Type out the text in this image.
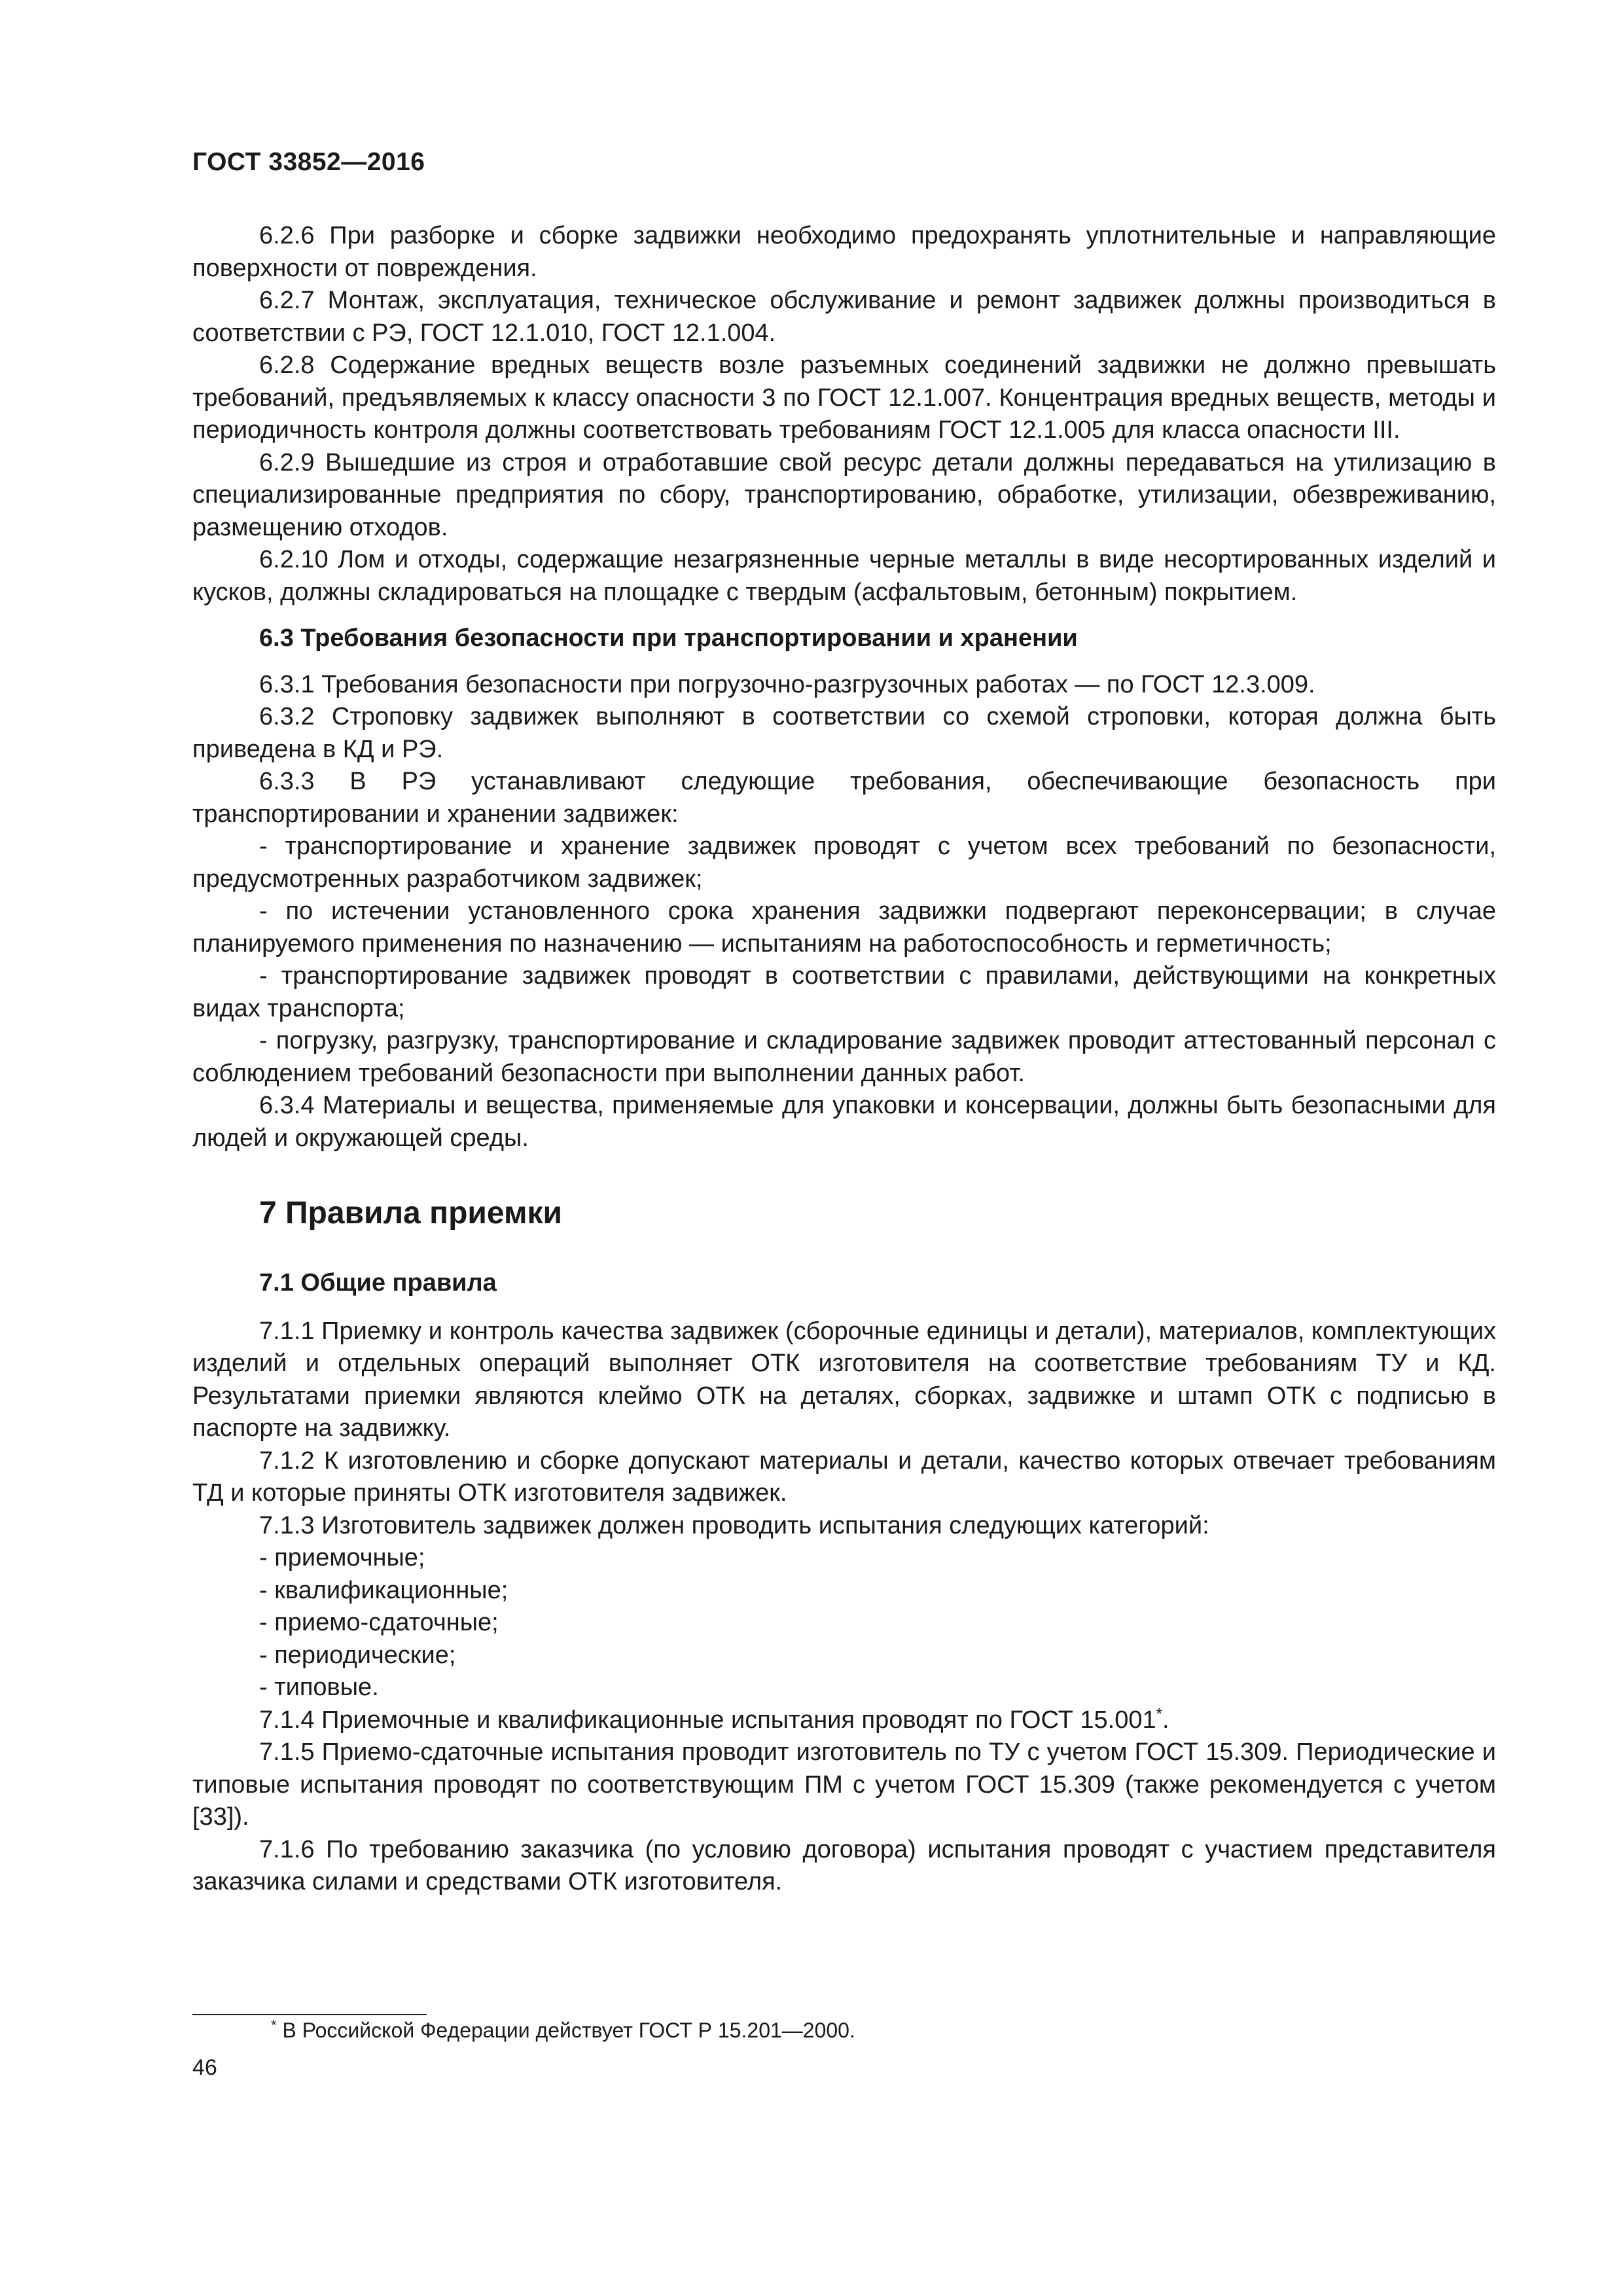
ГОСТ 33852—2016

6.2.6 При разборке и сборке задвижки необходимо предохранять уплотнительные и направляющие поверхности от повреждения.

6.2.7 Монтаж, эксплуатация, техническое обслуживание и ремонт задвижек должны производиться в соответствии с РЭ, ГОСТ 12.1.010, ГОСТ 12.1.004.

6.2.8 Содержание вредных веществ возле разъемных соединений задвижки не должно превышать требований, предъявляемых к классу опасности 3 по ГОСТ 12.1.007. Концентрация вредных веществ, методы и периодичность контроля должны соответствовать требованиям ГОСТ 12.1.005 для класса опасности III.

6.2.9 Вышедшие из строя и отработавшие свой ресурс детали должны передаваться на утилизацию в специализированные предприятия по сбору, транспортированию, обработке, утилизации, обезвреживанию, размещению отходов.

6.2.10 Лом и отходы, содержащие незагрязненные черные металлы в виде несортированных изделий и кусков, должны складироваться на площадке с твердым (асфальтовым, бетонным) покрытием.

6.3 Требования безопасности при транспортировании и хранении

6.3.1 Требования безопасности при погрузочно-разгрузочных работах — по ГОСТ 12.3.009.

6.3.2 Строповку задвижек выполняют в соответствии со схемой строповки, которая должна быть приведена в КД и РЭ.

6.3.3 В РЭ устанавливают следующие требования, обеспечивающие безопасность при транспортировании и хранении задвижек:

- транспортирование и хранение задвижек проводят с учетом всех требований по безопасности, предусмотренных разработчиком задвижек;

- по истечении установленного срока хранения задвижки подвергают переконсервации; в случае планируемого применения по назначению — испытаниям на работоспособность и герметичность;

- транспортирование задвижек проводят в соответствии с правилами, действующими на конкретных видах транспорта;

- погрузку, разгрузку, транспортирование и складирование задвижек проводит аттестованный персонал с соблюдением требований безопасности при выполнении данных работ.

6.3.4 Материалы и вещества, применяемые для упаковки и консервации, должны быть безопасными для людей и окружающей среды.

7 Правила приемки
7.1 Общие правила

7.1.1 Приемку и контроль качества задвижек (сборочные единицы и детали), материалов, комплектующих изделий и отдельных операций выполняет ОТК изготовителя на соответствие требованиям ТУ и КД. Результатами приемки являются клеймо ОТК на деталях, сборках, задвижке и штамп ОТК с подписью в паспорте на задвижку.

7.1.2 К изготовлению и сборке допускают материалы и детали, качество которых отвечает требованиям ТД и которые приняты ОТК изготовителя задвижек.

7.1.3 Изготовитель задвижек должен проводить испытания следующих категорий:

- приемочные;

- квалификационные;

- приемо-сдаточные;

- периодические;

- типовые.

7.1.4 Приемочные и квалификационные испытания проводят по ГОСТ 15.001*.

7.1.5 Приемо-сдаточные испытания проводит изготовитель по ТУ с учетом ГОСТ 15.309. Периодические и типовые испытания проводят по соответствующим ПМ с учетом ГОСТ 15.309 (также рекомендуется с учетом [33]).

7.1.6 По требованию заказчика (по условию договора) испытания проводят с участием представителя заказчика силами и средствами ОТК изготовителя.

* В Российской Федерации действует ГОСТ Р 15.201—2000.
46
